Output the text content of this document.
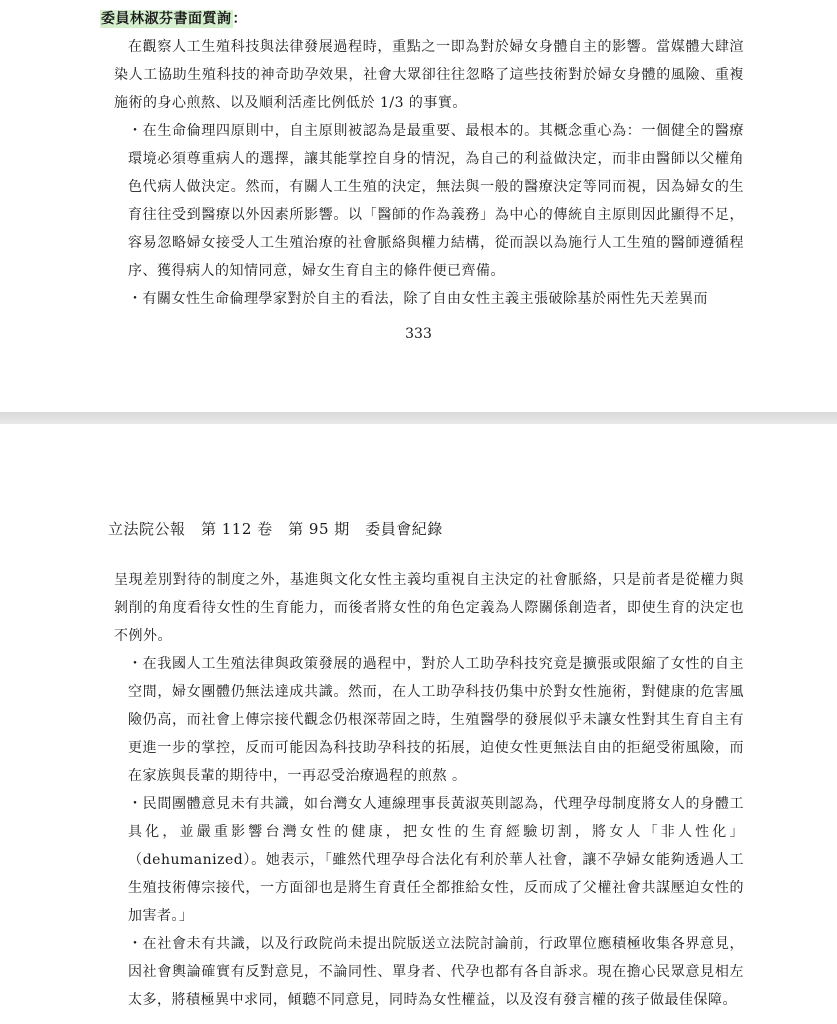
委員林淑芬書面質詢：

在觀察人工生殖科技與法律發展過程時，重點之一即為對於婦女身體自主的影響。當媒體大肆渲染人工協助生殖科技的神奇助孕效果，社會大眾卻往往忽略了這些技術對於婦女身體的風險、重複施術的身心煎熬、以及順利活產比例低於 1/3 的事實。

・在生命倫理四原則中，自主原則被認為是最重要、最根本的。其概念重心為：一個健全的醫療環境必須尊重病人的選擇，讓其能掌控自身的情況，為自己的利益做決定，而非由醫師以父權角色代病人做決定。然而，有關人工生殖的決定，無法與一般的醫療決定等同而視，因為婦女的生育往往受到醫療以外因素所影響。以「醫師的作為義務」為中心的傳統自主原則因此顯得不足，容易忽略婦女接受人工生殖治療的社會脈絡與權力結構，從而誤以為施行人工生殖的醫師遵循程序、獲得病人的知情同意，婦女生育自主的條件便已齊備。

・有關女性生命倫理學家對於自主的看法，除了自由女性主義主張破除基於兩性先天差異而

333
立法院公報　第 112 卷　第 95 期　委員會紀錄

呈現差別對待的制度之外，基進與文化女性主義均重視自主決定的社會脈絡，只是前者是從權力與剝削的角度看待女性的生育能力，而後者將女性的角色定義為人際關係創造者，即使生育的決定也不例外。

・在我國人工生殖法律與政策發展的過程中，對於人工助孕科技究竟是擴張或限縮了女性的自主空間，婦女團體仍無法達成共識。然而，在人工助孕科技仍集中於對女性施術，對健康的危害風險仍高，而社會上傳宗接代觀念仍根深蒂固之時，生殖醫學的發展似乎未讓女性對其生育自主有更進一步的掌控，反而可能因為科技助孕科技的拓展，迫使女性更無法自由的拒絕受術風險，而在家族與長輩的期待中，一再忍受治療過程的煎熬 。

・民間團體意見未有共識，如台灣女人連線理事長黃淑英則認為，代理孕母制度將女人的身體工具化，並嚴重影響台灣女性的健康，把女性的生育經驗切割，將女人「非人性化」（dehumanized）。她表示，「雖然代理孕母合法化有利於華人社會，讓不孕婦女能夠透過人工生殖技術傳宗接代，一方面卻也是將生育責任全都推給女性，反而成了父權社會共謀壓迫女性的加害者。」

・在社會未有共識，以及行政院尚未提出院版送立法院討論前，行政單位應積極收集各界意見，因社會輿論確實有反對意見，不論同性、單身者、代孕也都有各自訴求。現在擔心民眾意見相左太多，將積極異中求同，傾聽不同意見，同時為女性權益，以及沒有發言權的孩子做最佳保障。
